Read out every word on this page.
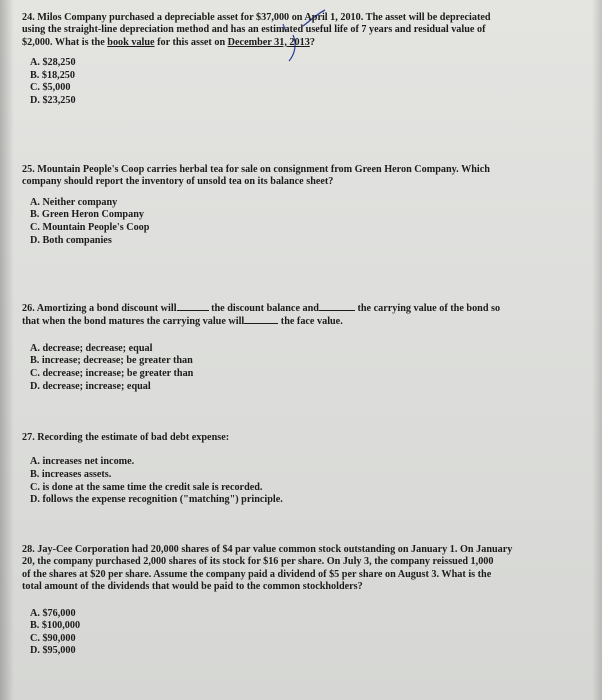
24. Milos Company purchased a depreciable asset for $37,000 on April 1, 2010. The asset will be depreciated
using the straight-line depreciation method and has an estimated useful life of 7 years and residual value of
$2,000. What is the book value for this asset on December 31, 2013?
A. $28,250
B. $18,250
C. $5,000
D. $23,250
25. Mountain People's Coop carries herbal tea for sale on consignment from Green Heron Company. Which
company should report the inventory of unsold tea on its balance sheet?
A. Neither company
B. Green Heron Company
C. Mountain People's Coop
D. Both companies
26. Amortizing a bond discount will	the discount balance and	the carrying value of the bond so
that when the bond matures the carrying value will	the face value.
A. decrease; decrease; equal
B. increase; decrease; be greater than
C. decrease; increase; be greater than
D. decrease; increase; equal
27. Recording the estimate of bad debt expense:
A. increases net income.
B. increases assets.
C. is done at the same time the credit sale is recorded.
D. follows the expense recognition ("matching") principle.
28. Jay-Cee Corporation had 20,000 shares of $4 par value common stock outstanding on January 1. On January
20, the company purchased 2,000 shares of its stock for $16 per share. On July 3, the company reissued 1,000
of the shares at $20 per share. Assume the company paid a dividend of $5 per share on August 3. What is the
total amount of the dividends that would be paid to the common stockholders?
A. $76,000
B. $100,000
C. $90,000
D. $95,000
